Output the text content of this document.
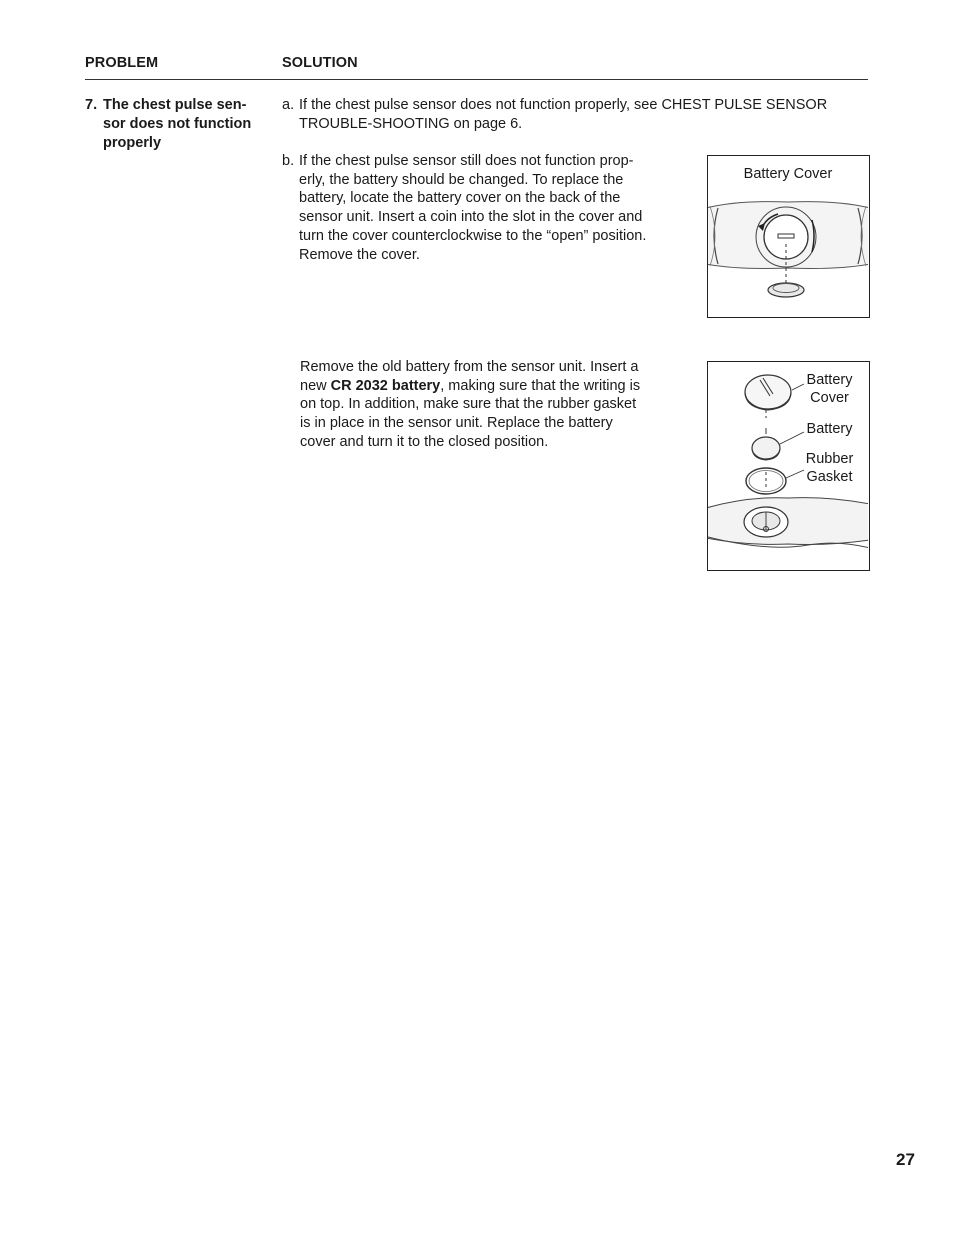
PROBLEM	SOLUTION
7. The chest pulse sen-
sor does not function
properly
a. If the chest pulse sensor does not function properly, see CHEST PULSE SENSOR
TROUBLE-SHOOTING on page 6.
b. If the chest pulse sensor still does not function prop-
erly, the battery should be changed. To replace the
battery, locate the battery cover on the back of the
sensor unit. Insert a coin into the slot in the cover and
turn the cover counterclockwise to the “open” position.
Remove the cover.
Remove the old battery from the sensor unit. Insert a
new CR 2032 battery, making sure that the writing is
on top. In addition, make sure that the rubber gasket
is in place in the sensor unit. Replace the battery
cover and turn it to the closed position.
Battery Cover
Battery
Cover
Battery
Rubber
Gasket
27
